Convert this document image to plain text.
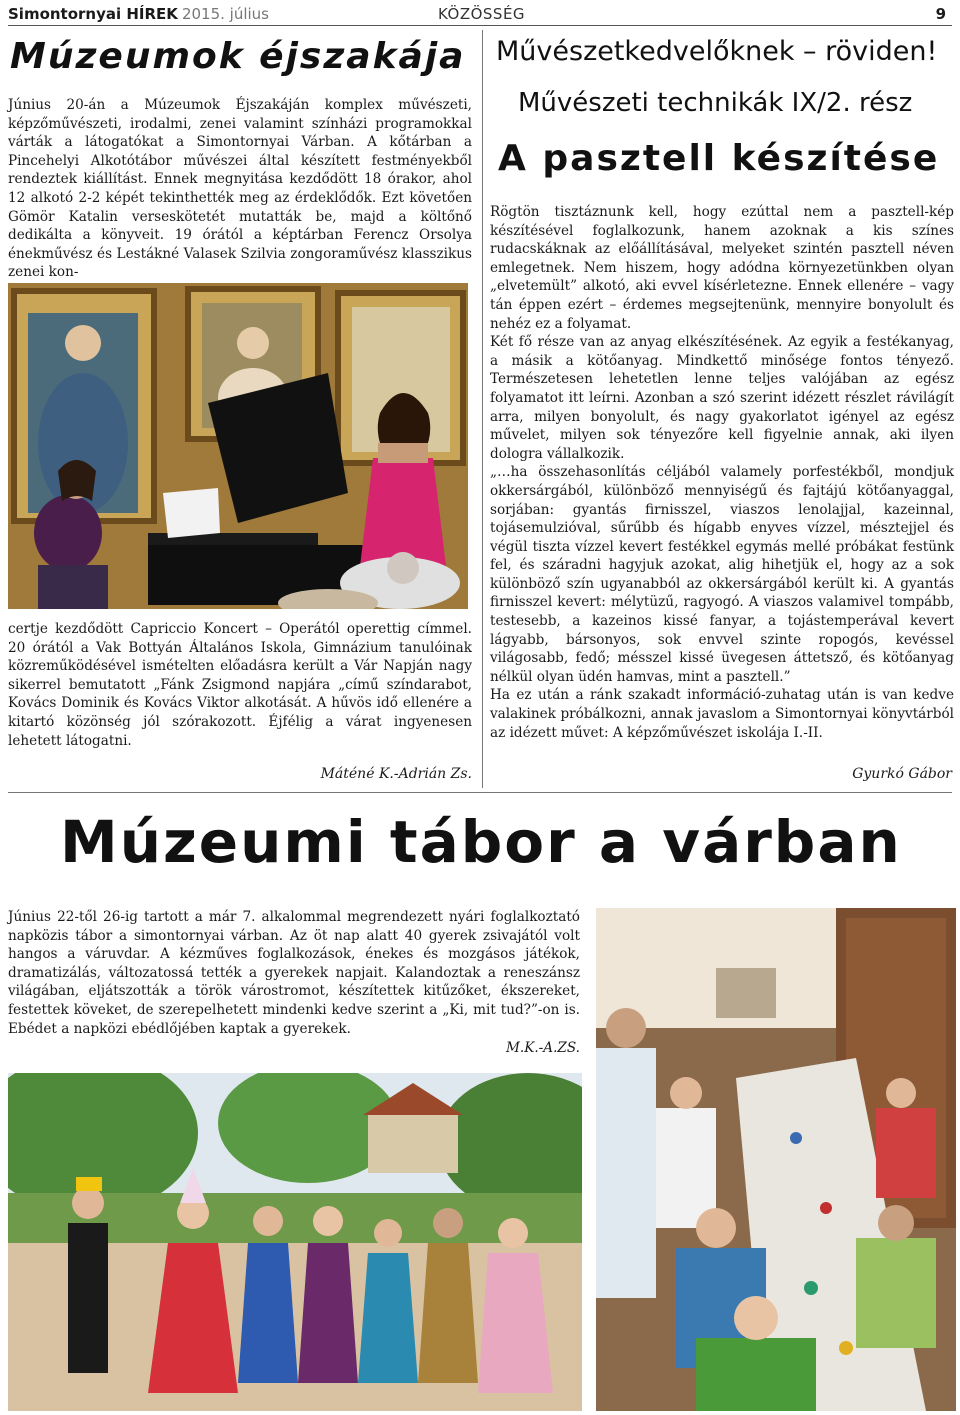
Simontornyai HÍREK 2015. július	KÖZÖSSÉG	9
Múzeumok éjszakája

Június 20-án a Múzeumok Éjszakáján komplex művészeti, képzőművészeti, irodalmi, zenei valamint színházi programokkal várták a látogatókat a Simontornyai Várban. A kőtárban a Pincehelyi Alkotótábor művészei által készített festményekből rendeztek kiállítást. Ennek megnyitása kezdődött 18 órakor, ahol 12 alkotó 2-2 képét tekinthették meg az érdeklődők. Ezt követően Gömör Katalin verseskötetét mutatták be, majd a költőnő dedikálta a könyveit. 19 órától a képtárban Ferencz Orsolya énekművész és Lestákné Valasek Szilvia zongoraművész klasszikus zenei kon-

certje kezdődött Capriccio Koncert – Operától operettig címmel. 20 órától a Vak Bottyán Általános Iskola, Gimnázium tanulóinak közreműködésével ismételten előadásra került a Vár Napján nagy sikerrel bemutatott „Fánk Zsigmond napjára „című színdarabot, Kovács Dominik és Kovács Viktor alkotását. A hűvös idő ellenére a kitartó közönség jól szórakozott. Éjfélig a várat ingyenesen lehetett látogatni.

Máténé K.-Adrián Zs.
Művészetkedvelőknek – röviden!
Művészeti technikák IX/2. rész
A pasztell készítése

Rögtön tisztáznunk kell, hogy ezúttal nem a pasztell-kép készítésével foglalkozunk, hanem azoknak a kis színes rudacskáknak az előállításával, melyeket szintén pasztell néven emlegetnek. Nem hiszem, hogy adódna környezetünkben olyan „elvetemült” alkotó, aki evvel kísérletezne. Ennek ellenére – vagy tán éppen ezért – érdemes megsejtenünk, mennyire bonyolult és nehéz ez a folyamat.

Két fő része van az anyag elkészítésének. Az egyik a festékanyag, a másik a kötőanyag. Mindkettő minősége fontos tényező. Természetesen lehetetlen lenne teljes valójában az egész folyamatot itt leírni. Azonban a szó szerint idézett részlet rávilágít arra, milyen bonyolult, és nagy gyakorlatot igényel az egész művelet, milyen sok tényezőre kell figyelnie annak, aki ilyen dologra vállalkozik.

„…ha összehasonlítás céljából valamely porfestékből, mondjuk okkersárgából, különböző mennyiségű és fajtájú kötőanyaggal, sorjában: gyantás firnisszel, viaszos lenolajjal, kazeinnal, tojásemulzióval, sűrűbb és hígabb enyves vízzel, mésztejjel és végül tiszta vízzel kevert festékkel egymás mellé próbákat festünk fel, és száradni hagyjuk azokat, alig hihetjük el, hogy az a sok különböző szín ugyanabból az okkersárgából került ki. A gyantás firnisszel kevert: mélytüzű, ragyogó. A viaszos valamivel tompább, testesebb, a kazeinos kissé fanyar, a tojástemperával kevert lágyabb, bársonyos, sok envvel szinte ropogós, kevéssel világosabb, fedő; mésszel kissé üvegesen áttetsző, és kötőanyag nélkül olyan üdén hamvas, mint a pasztell.”

Ha ez után a ránk szakadt információ-zuhatag után is van kedve valakinek próbálkozni, annak javaslom a Simontornyai könyvtárból az idézett művet: A képzőművészet iskolája I.-II.

Gyurkó Gábor
Múzeumi tábor a várban

Június 22-től 26-ig tartott a már 7. alkalommal megrendezett nyári foglalkoztató napközis tábor a simontornyai várban. Az öt nap alatt 40 gyerek zsivajától volt hangos a váruvdar. A kézműves foglalkozások, énekes és mozgásos játékok, dramatizálás, változatossá tették a gyerekek napjait. Kalandoztak a reneszánsz világában, eljátszották a török várostromot, készítettek kitűzőket, ékszereket, festettek köveket, de szerepelhetett mindenki kedve szerint a „Ki, mit tud?”-on is. Ebédet a napközi ebédlőjében kaptak a gyerekek.

M.K.-A.ZS.
